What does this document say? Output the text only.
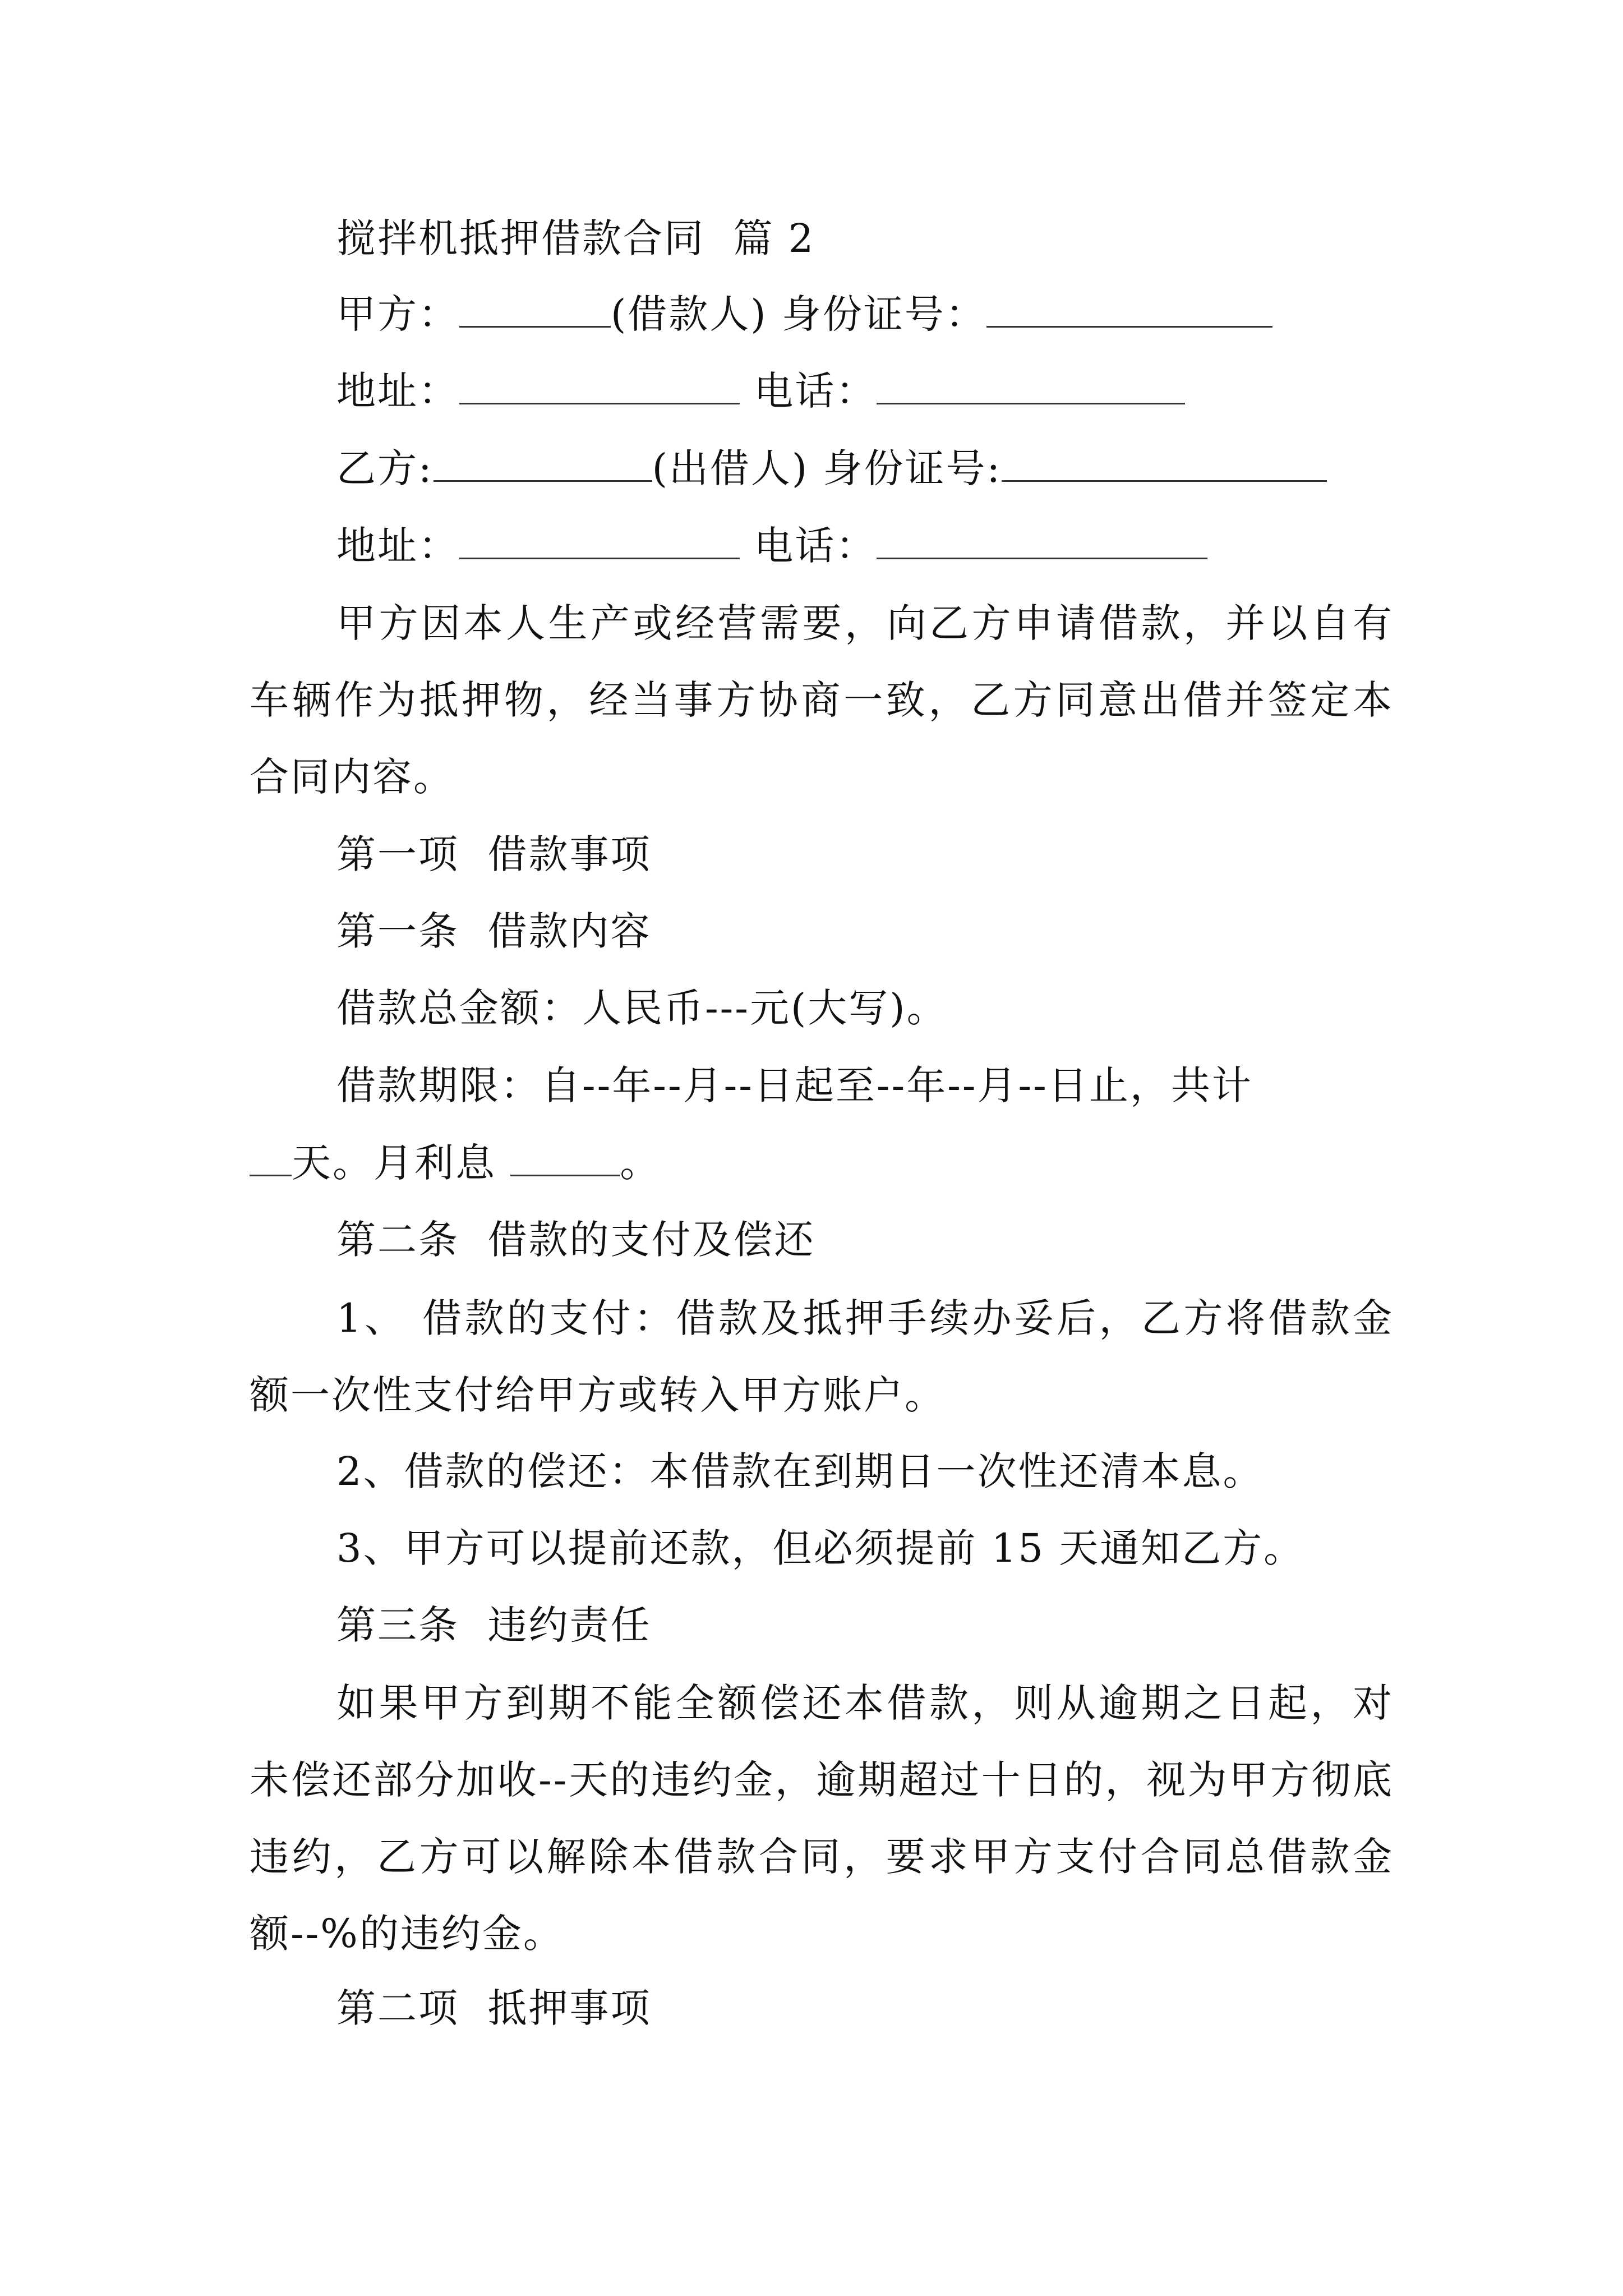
搅拌机抵押借款合同  篇 2
甲方：	(借款人) 身份证号：
地址：	电话：
乙方:	(出借人) 身份证号:
地址：	电话：
甲方因本人生产或经营需要，向乙方申请借款，并以自有车辆作为抵押物，经当事方协商一致，乙方同意出借并签定本合同内容。
第一项  借款事项
第一条  借款内容
借款总金额：人民币---元(大写)。
借款期限：自--年--月--日起至--年--月--日止，共计
天。月利息	。
第二条  借款的支付及偿还
1、 借款的支付：借款及抵押手续办妥后，乙方将借款金额一次性支付给甲方或转入甲方账户。
2、借款的偿还：本借款在到期日一次性还清本息。
3、甲方可以提前还款，但必须提前 15 天通知乙方。
第三条  违约责任
如果甲方到期不能全额偿还本借款，则从逾期之日起，对未偿还部分加收--天的违约金，逾期超过十日的，视为甲方彻底违约，乙方可以解除本借款合同，要求甲方支付合同总借款金额--%的违约金。
第二项  抵押事项
